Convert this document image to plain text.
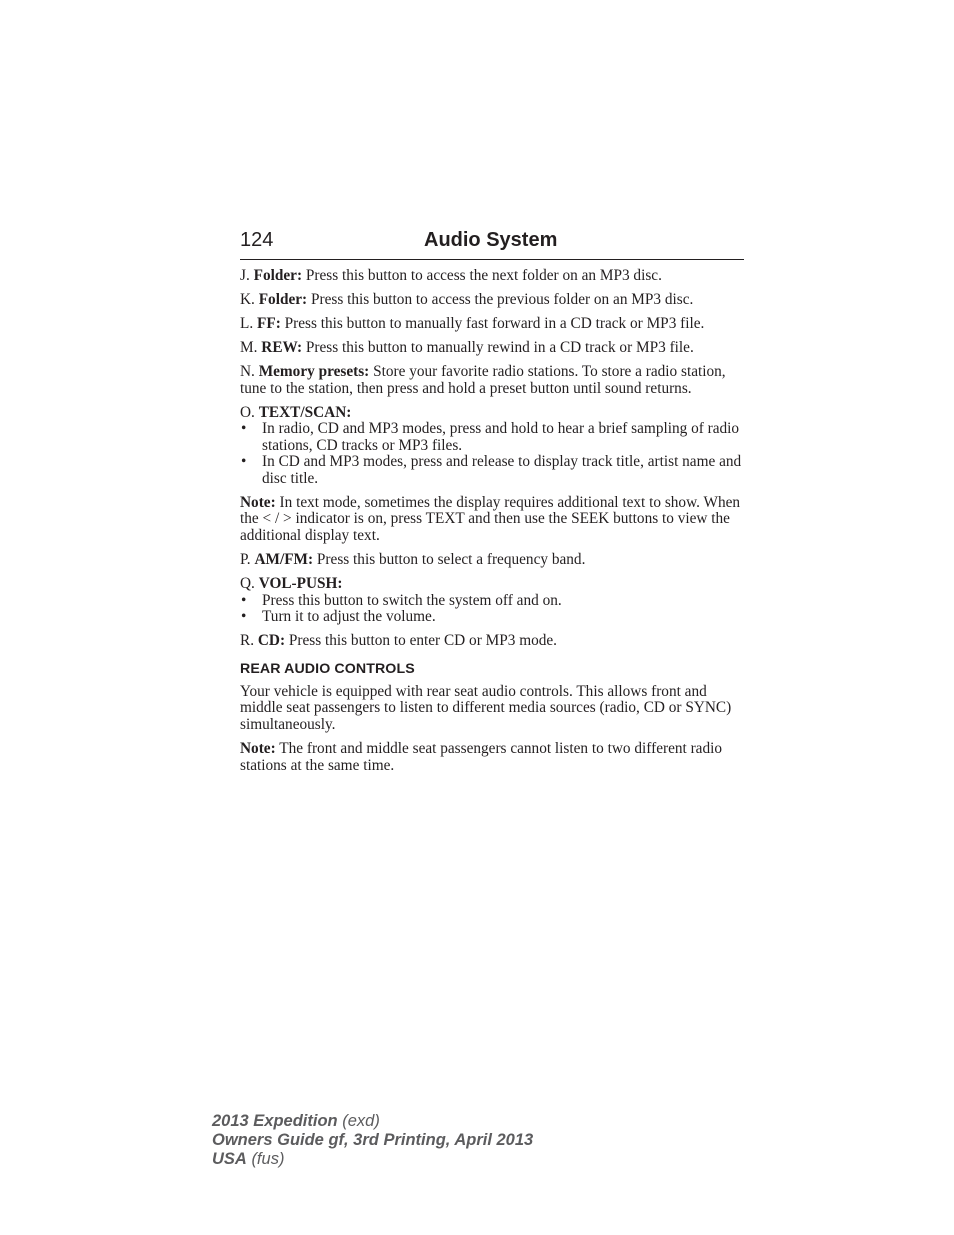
124	Audio System

J. Folder: Press this button to access the next folder on an MP3 disc.

K. Folder: Press this button to access the previous folder on an MP3 disc.

L. FF: Press this button to manually fast forward in a CD track or MP3 file.

M. REW: Press this button to manually rewind in a CD track or MP3 file.

N. Memory presets: Store your favorite radio stations. To store a radio station, tune to the station, then press and hold a preset button until sound returns.

O. TEXT/SCAN:
• In radio, CD and MP3 modes, press and hold to hear a brief sampling of radio stations, CD tracks or MP3 files.
• In CD and MP3 modes, press and release to display track title, artist name and disc title.

Note: In text mode, sometimes the display requires additional text to show. When the < / > indicator is on, press TEXT and then use the SEEK buttons to view the additional display text.

P. AM/FM: Press this button to select a frequency band.

Q. VOL-PUSH:
• Press this button to switch the system off and on.
• Turn it to adjust the volume.

R. CD: Press this button to enter CD or MP3 mode.

REAR AUDIO CONTROLS

Your vehicle is equipped with rear seat audio controls. This allows front and middle seat passengers to listen to different media sources (radio, CD or SYNC) simultaneously.

Note: The front and middle seat passengers cannot listen to two different radio stations at the same time.

2013 Expedition (exd)
Owners Guide gf, 3rd Printing, April 2013
USA (fus)
